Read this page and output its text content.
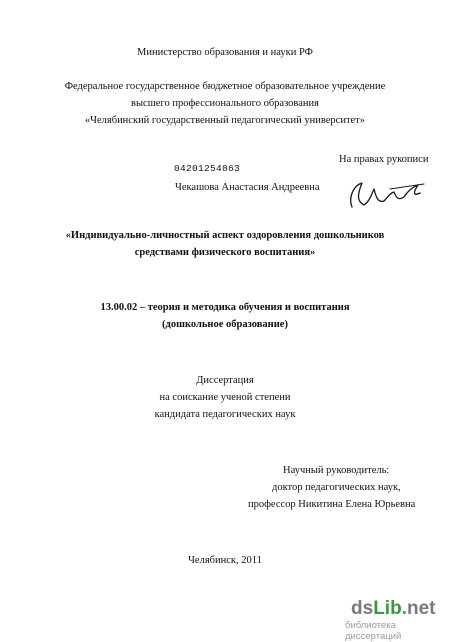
Министерство образования и науки РФ
Федеральное государственное бюджетное образовательное учреждение
высшего профессионального образования
«Челябинский государственный педагогический университет»
04201254863
На правах рукописи
Чекашова Анастасия Андреевна
«Индивидуально-личностный аспект оздоровления дошкольников
средствами физического воспитания»
13.00.02 – теория и методика обучения и воспитания
(дошкольное образование)
Диссертация
на соискание ученой степени
кандидата педагогических наук
Научный руководитель:
доктор педагогических наук,
профессор Никитина Елена Юрьевна
Челябинск, 2011
dsLib.net
библиотека диссертаций
